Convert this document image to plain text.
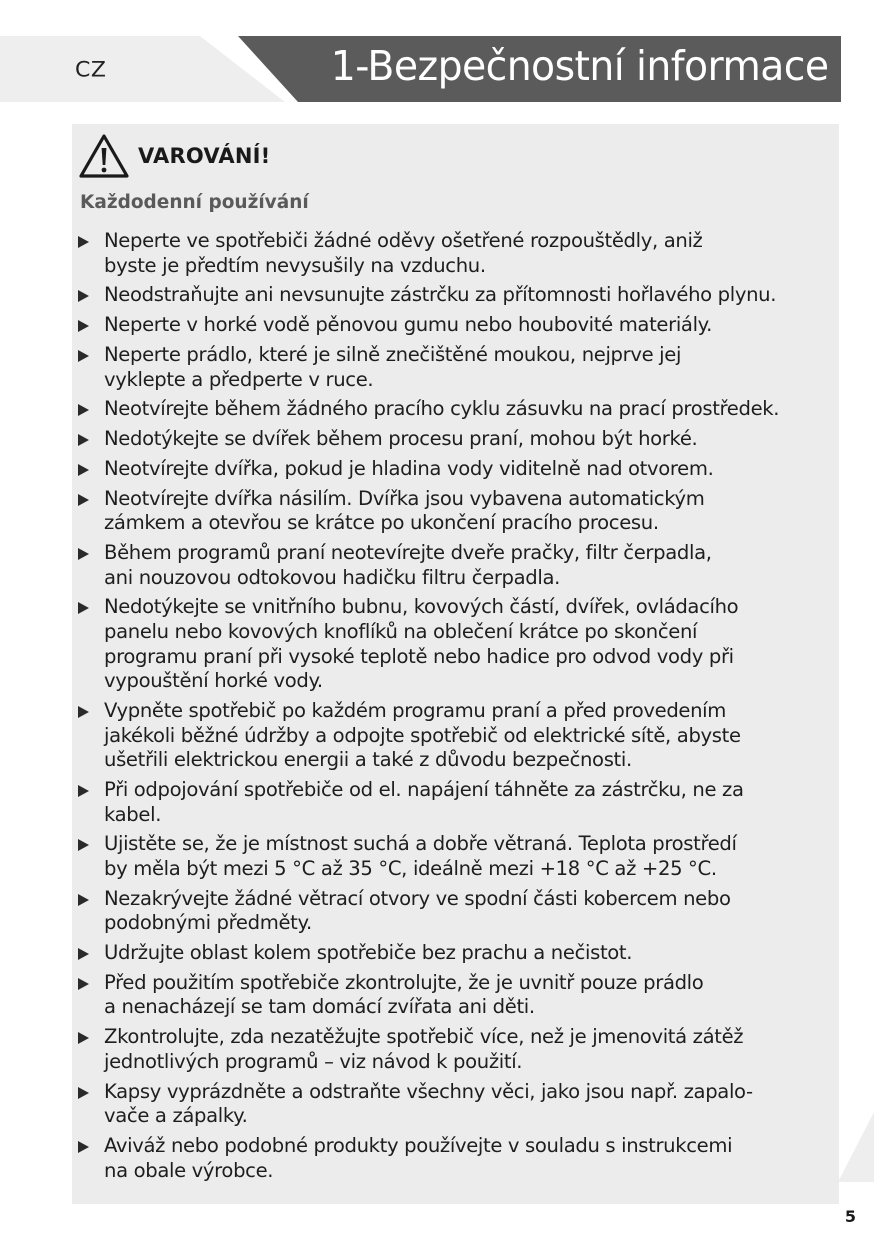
CZ	1-Bezpečnostní informace
VAROVÁNÍ!
Každodenní používání
Neperte ve spotřebiči žádné oděvy ošetřené rozpouštědly, aniž
byste je předtím nevysušily na vzduchu.
Neodstraňujte ani nevsunujte zástrčku za přítomnosti hořlavého plynu.
Neperte v horké vodě pěnovou gumu nebo houbovité materiály.
Neperte prádlo, které je silně znečištěné moukou, nejprve jej
vyklepte a předperte v ruce.
Neotvírejte během žádného pracího cyklu zásuvku na prací prostředek.
Nedotýkejte se dvířek během procesu praní, mohou být horké.
Neotvírejte dvířka, pokud je hladina vody viditelně nad otvorem.
Neotvírejte dvířka násilím. Dvířka jsou vybavena automatickým
zámkem a otevřou se krátce po ukončení pracího procesu.
Během programů praní neotevírejte dveře pračky, filtr čerpadla,
ani nouzovou odtokovou hadičku filtru čerpadla.
Nedotýkejte se vnitřního bubnu, kovových částí, dvířek, ovládacího
panelu nebo kovových knoflíků na oblečení krátce po skončení
programu praní při vysoké teplotě nebo hadice pro odvod vody při
vypouštění horké vody.
Vypněte spotřebič po každém programu praní a před provedením
jakékoli běžné údržby a odpojte spotřebič od elektrické sítě, abyste
ušetřili elektrickou energii a také z důvodu bezpečnosti.
Při odpojování spotřebiče od el. napájení táhněte za zástrčku, ne za
kabel.
Ujistěte se, že je místnost suchá a dobře větraná. Teplota prostředí
by měla být mezi 5 °C až 35 °C, ideálně mezi +18 °C až +25 °C.
Nezakrývejte žádné větrací otvory ve spodní části kobercem nebo
podobnými předměty.
Udržujte oblast kolem spotřebiče bez prachu a nečistot.
Před použitím spotřebiče zkontrolujte, že je uvnitř pouze prádlo
a nenacházejí se tam domácí zvířata ani děti.
Zkontrolujte, zda nezatěžujte spotřebič více, než je jmenovitá zátěž
jednotlivých programů – viz návod k použití.
Kapsy vyprázdněte a odstraňte všechny věci, jako jsou např. zapalo-
vače a zápalky.
Aviváž nebo podobné produkty používejte v souladu s instrukcemi
na obale výrobce.
5
